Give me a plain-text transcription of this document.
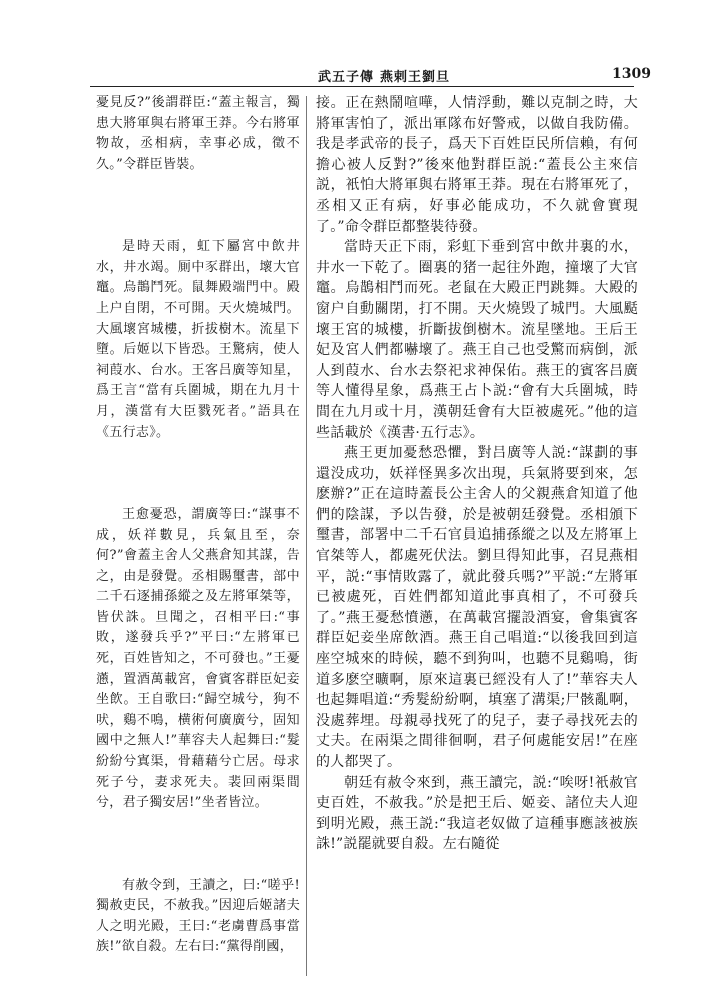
武五子傳 燕剌王劉旦	1309

憂見反?”後謂群臣:“蓋主報言，獨患大將軍與右將軍王莽。今右將軍物故，丞相病，幸事必成，徵不久。”令群臣皆裝。

是時天雨，虹下屬宮中飲井水，井水竭。厠中豕群出，壞大官竈。烏鵲鬥死。鼠舞殿端門中。殿上户自閉，不可開。天火燒城門。大風壞宮城樓，折拔樹木。流星下墮。后姬以下皆恐。王驚病，使人祠葭水、台水。王客吕廣等知星，爲王言“當有兵圍城，期在九月十月，漢當有大臣戮死者。”語具在《五行志》。

王愈憂恐，謂廣等曰:“謀事不成，妖祥數見，兵氣且至，奈何?”會蓋主舍人父燕倉知其謀，告之，由是發覺。丞相賜璽書，部中二千石逐捕孫縱之及左將軍桀等，皆伏誅。旦聞之，召相平曰:“事敗，遂發兵乎?”平曰:“左將軍已死，百姓皆知之，不可發也。”王憂懣，置酒萬載宮，會賓客群臣妃妾坐飲。王自歌曰:“歸空城兮，狗不吠，鷄不鳴，横術何廣廣兮，固知國中之無人!”華容夫人起舞曰:“髮紛紛兮寘渠，骨藉藉兮亡居。母求死子兮，妻求死夫。裴回兩渠間兮，君子獨安居!”坐者皆泣。

有赦令到，王讀之，曰:“嗟乎!獨赦吏民，不赦我。”因迎后姬諸夫人之明光殿，王曰:“老虜曹爲事當族!”欲自殺。左右曰:“黨得削國，

接。正在熱鬧喧嘩，人情浮動，難以克制之時，大將軍害怕了，派出軍隊布好警戒，以做自我防備。我是孝武帝的長子，爲天下百姓臣民所信賴，有何擔心被人反對?”後來他對群臣説:“蓋長公主來信説，衹怕大將軍與右將軍王莽。現在右將軍死了，丞相又正有病，好事必能成功，不久就會實現了。”命令群臣都整裝待發。

當時天正下雨，彩虹下垂到宮中飲井裏的水，井水一下乾了。圈裏的猪一起往外跑，撞壞了大官竈。烏鵲相鬥而死。老鼠在大殿正門跳舞。大殿的窗户自動關閉，打不開。天火燒毁了城門。大風颳壞王宮的城樓，折斷拔倒樹木。流星墜地。王后王妃及宮人們都嚇壞了。燕王自己也受驚而病倒，派人到葭水、台水去祭祀求神保佑。燕王的賓客吕廣等人懂得星象，爲燕王占卜説:“會有大兵圍城，時間在九月或十月，漢朝廷會有大臣被處死。”他的這些話載於《漢書·五行志》。

燕王更加憂愁恐懼，對吕廣等人説:“謀劃的事還没成功，妖祥怪異多次出現，兵氣將要到來，怎麽辦?”正在這時蓋長公主舍人的父親燕倉知道了他們的陰謀，予以告發，於是被朝廷發覺。丞相頒下璽書，部署中二千石官員追捕孫縱之以及左將軍上官桀等人，都處死伏法。劉旦得知此事，召見燕相平，説:“事情敗露了，就此發兵嗎?”平説:“左將軍已被處死，百姓們都知道此事真相了，不可發兵了。”燕王憂愁憤懣，在萬載宮擺設酒宴，會集賓客群臣妃妾坐席飲酒。燕王自己唱道:“以後我回到這座空城來的時候，聽不到狗叫，也聽不見鷄鳴，街道多麽空曠啊，原來這裏已經没有人了!”華容夫人也起舞唱道:“秀髮紛紛啊，填塞了溝渠;尸骸亂啊，没處葬埋。母親尋找死了的兒子，妻子尋找死去的丈夫。在兩渠之間徘徊啊，君子何處能安居!”在座的人都哭了。

朝廷有赦令來到，燕王讀完，説:“唉呀!衹赦官吏百姓，不赦我。”於是把王后、姬妾、諸位夫人迎到明光殿，燕王説:“我這老奴做了這種事應該被族誅!”説罷就要自殺。左右隨從
